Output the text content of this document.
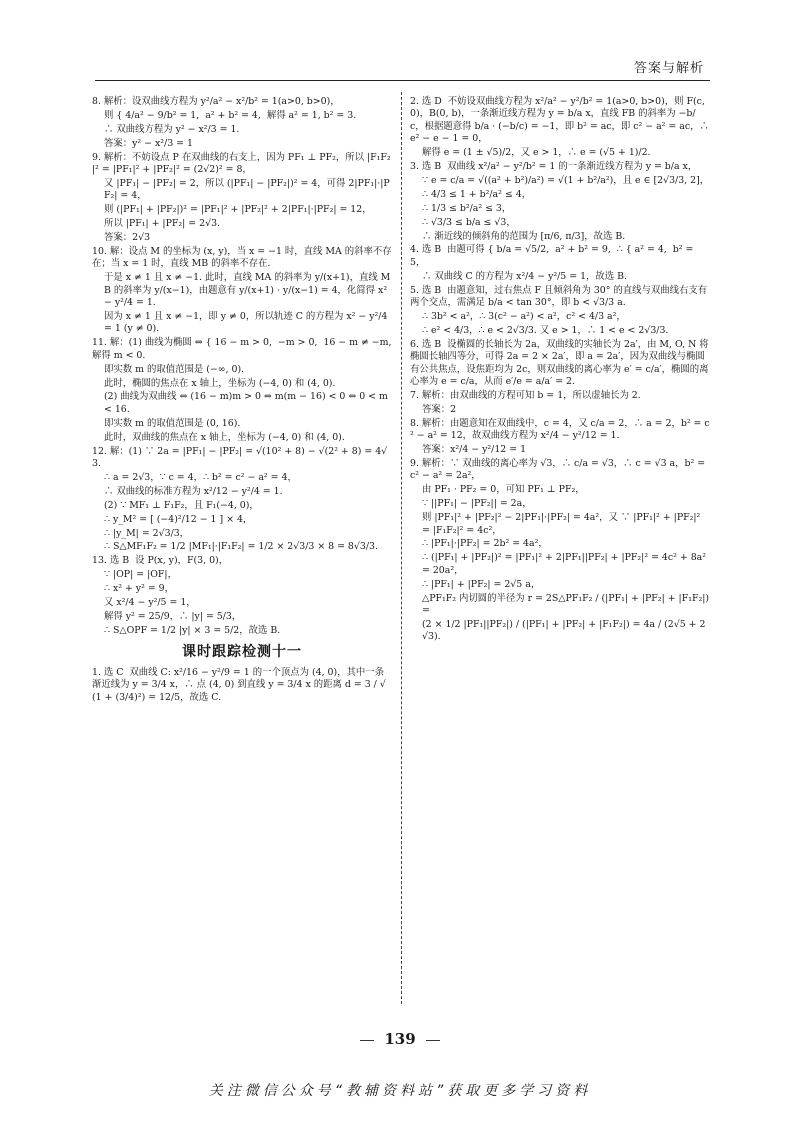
答案与解析

8. 解析：设双曲线方程为 y²/a² − x²/b² = 1(a>0, b>0)，

则 { 4/a² − 9/b² = 1,  a² + b² = 4,  解得 a² = 1, b² = 3.

∴ 双曲线方程为 y² − x²/3 = 1.

答案：y² − x²/3 = 1

9. 解析：不妨设点 P 在双曲线的右支上，因为 PF₁ ⊥ PF₂，所以 |F₁F₂|² = |PF₁|² + |PF₂|² = (2√2)² = 8，

又 |PF₁| − |PF₂| = 2，所以 (|PF₁| − |PF₂|)² = 4，可得 2|PF₁|·|PF₂| = 4，

则 (|PF₁| + |PF₂|)² = |PF₁|² + |PF₂|² + 2|PF₁|·|PF₂| = 12，

所以 |PF₁| + |PF₂| = 2√3.

答案：2√3

10. 解：设点 M 的坐标为 (x, y)，当 x = −1 时，直线 MA 的斜率不存在；当 x = 1 时，直线 MB 的斜率不存在.

于是 x ≠ 1 且 x ≠ −1. 此时，直线 MA 的斜率为 y/(x+1)，直线 MB 的斜率为 y/(x−1)，由题意有 y/(x+1) · y/(x−1) = 4，化简得 x² − y²/4 = 1.

因为 x ≠ 1 且 x ≠ −1，即 y ≠ 0，所以轨迹 C 的方程为 x² − y²/4 = 1 (y ≠ 0).

11. 解：(1) 曲线为椭圆 ⇔ { 16 − m > 0,  −m > 0,  16 − m ≠ −m,  解得 m < 0.

即实数 m 的取值范围是 (−∞, 0).

此时，椭圆的焦点在 x 轴上，坐标为 (−4, 0) 和 (4, 0).

(2) 曲线为双曲线 ⇔ (16 − m)m > 0 ⇔ m(m − 16) < 0 ⇔ 0 < m < 16.

即实数 m 的取值范围是 (0, 16).

此时，双曲线的焦点在 x 轴上，坐标为 (−4, 0) 和 (4, 0).

12. 解：(1) ∵ 2a = |PF₁| − |PF₂| = √(10² + 8) − √(2² + 8) = 4√3.

∴ a = 2√3，∵ c = 4，∴ b² = c² − a² = 4，

∴ 双曲线的标准方程为 x²/12 − y²/4 = 1.

(2) ∵ MF₁ ⊥ F₁F₂，且 F₁(−4, 0)，

∴ y_M² = [ (−4)²/12 − 1 ] × 4，

∴ |y_M| = 2√3/3，

∴ S△MF₁F₂ = 1/2 |MF₁|·|F₁F₂| = 1/2 × 2√3/3 × 8 = 8√3/3.

13. 选 B  设 P(x, y)，F(3, 0)，

∵ |OP| = |OF|，

∴ x² + y² = 9，

又 x²/4 − y²/5 = 1，

解得 y² = 25/9，∴ |y| = 5/3，

∴ S△OPF = 1/2 |y| × 3 = 5/2，故选 B.

课时跟踪检测十一

1. 选 C  双曲线 C: x²/16 − y²/9 = 1 的一个顶点为 (4, 0)，其中一条渐近线为 y = 3/4 x，∴ 点 (4, 0) 到直线 y = 3/4 x 的距离 d = 3 / √(1 + (3/4)²) = 12/5，故选 C.

2. 选 D  不妨设双曲线方程为 x²/a² − y²/b² = 1(a>0, b>0)，则 F(c, 0)，B(0, b)，一条渐近线方程为 y = b/a x，直线 FB 的斜率为 −b/c，根据题意得 b/a · (−b/c) = −1，即 b² = ac，即 c² − a² = ac，∴ e² − e − 1 = 0，

解得 e = (1 ± √5)/2，又 e > 1，∴ e = (√5 + 1)/2.

3. 选 B  双曲线 x²/a² − y²/b² = 1 的一条渐近线方程为 y = b/a x，

∵ e = c/a = √((a² + b²)/a²) = √(1 + b²/a²)，且 e ∈ [2√3/3, 2]，

∴ 4/3 ≤ 1 + b²/a² ≤ 4，

∴ 1/3 ≤ b²/a² ≤ 3，

∴ √3/3 ≤ b/a ≤ √3，

∴ 渐近线的倾斜角的范围为 [π/6, π/3]，故选 B.

4. 选 B  由题可得 { b/a = √5/2,  a² + b² = 9,  ∴ { a² = 4,  b² = 5，

∴ 双曲线 C 的方程为 x²/4 − y²/5 = 1，故选 B.

5. 选 B  由题意知，过右焦点 F 且倾斜角为 30° 的直线与双曲线右支有两个交点，需满足 b/a < tan 30°，即 b < √3/3 a.

∴ 3b² < a²，∴ 3(c² − a²) < a²，c² < 4/3 a²，

∴ e² < 4/3，∴ e < 2√3/3. 又 e > 1，∴ 1 < e < 2√3/3.

6. 选 B  设椭圆的长轴长为 2a，双曲线的实轴长为 2a′，由 M, O, N 将椭圆长轴四等分，可得 2a = 2 × 2a′，即 a = 2a′，因为双曲线与椭圆有公共焦点，设焦距均为 2c，则双曲线的离心率为 e′ = c/a′，椭圆的离心率为 e = c/a，从而 e′/e = a/a′ = 2.

7. 解析：由双曲线的方程可知 b = 1，所以虚轴长为 2.

答案：2

8. 解析：由题意知在双曲线中，c = 4，又 c/a = 2，∴ a = 2，b² = c² − a² = 12，故双曲线方程为 x²/4 − y²/12 = 1.

答案：x²/4 − y²/12 = 1

9. 解析：∵ 双曲线的离心率为 √3，∴ c/a = √3，∴ c = √3 a，b² = c² − a² = 2a²，

由 PF₁ · PF₂ = 0，可知 PF₁ ⊥ PF₂，

∵ ||PF₁| − |PF₂|| = 2a，

则 |PF₁|² + |PF₂|² − 2|PF₁|·|PF₂| = 4a²，又 ∵ |PF₁|² + |PF₂|² = |F₁F₂|² = 4c²，

∴ |PF₁|·|PF₂| = 2b² = 4a²，

∴ (|PF₁| + |PF₂|)² = |PF₁|² + 2|PF₁||PF₂| + |PF₂|² = 4c² + 8a² = 20a²，

∴ |PF₁| + |PF₂| = 2√5 a，

△PF₁F₂ 内切圆的半径为 r = 2S△PF₁F₂ / (|PF₁| + |PF₂| + |F₁F₂|) =

(2 × 1/2 |PF₁||PF₂|) / (|PF₁| + |PF₂| + |F₁F₂|) = 4a / (2√5 + 2√3).

139
关注微信公众号“教辅资料站”获取更多学习资料
